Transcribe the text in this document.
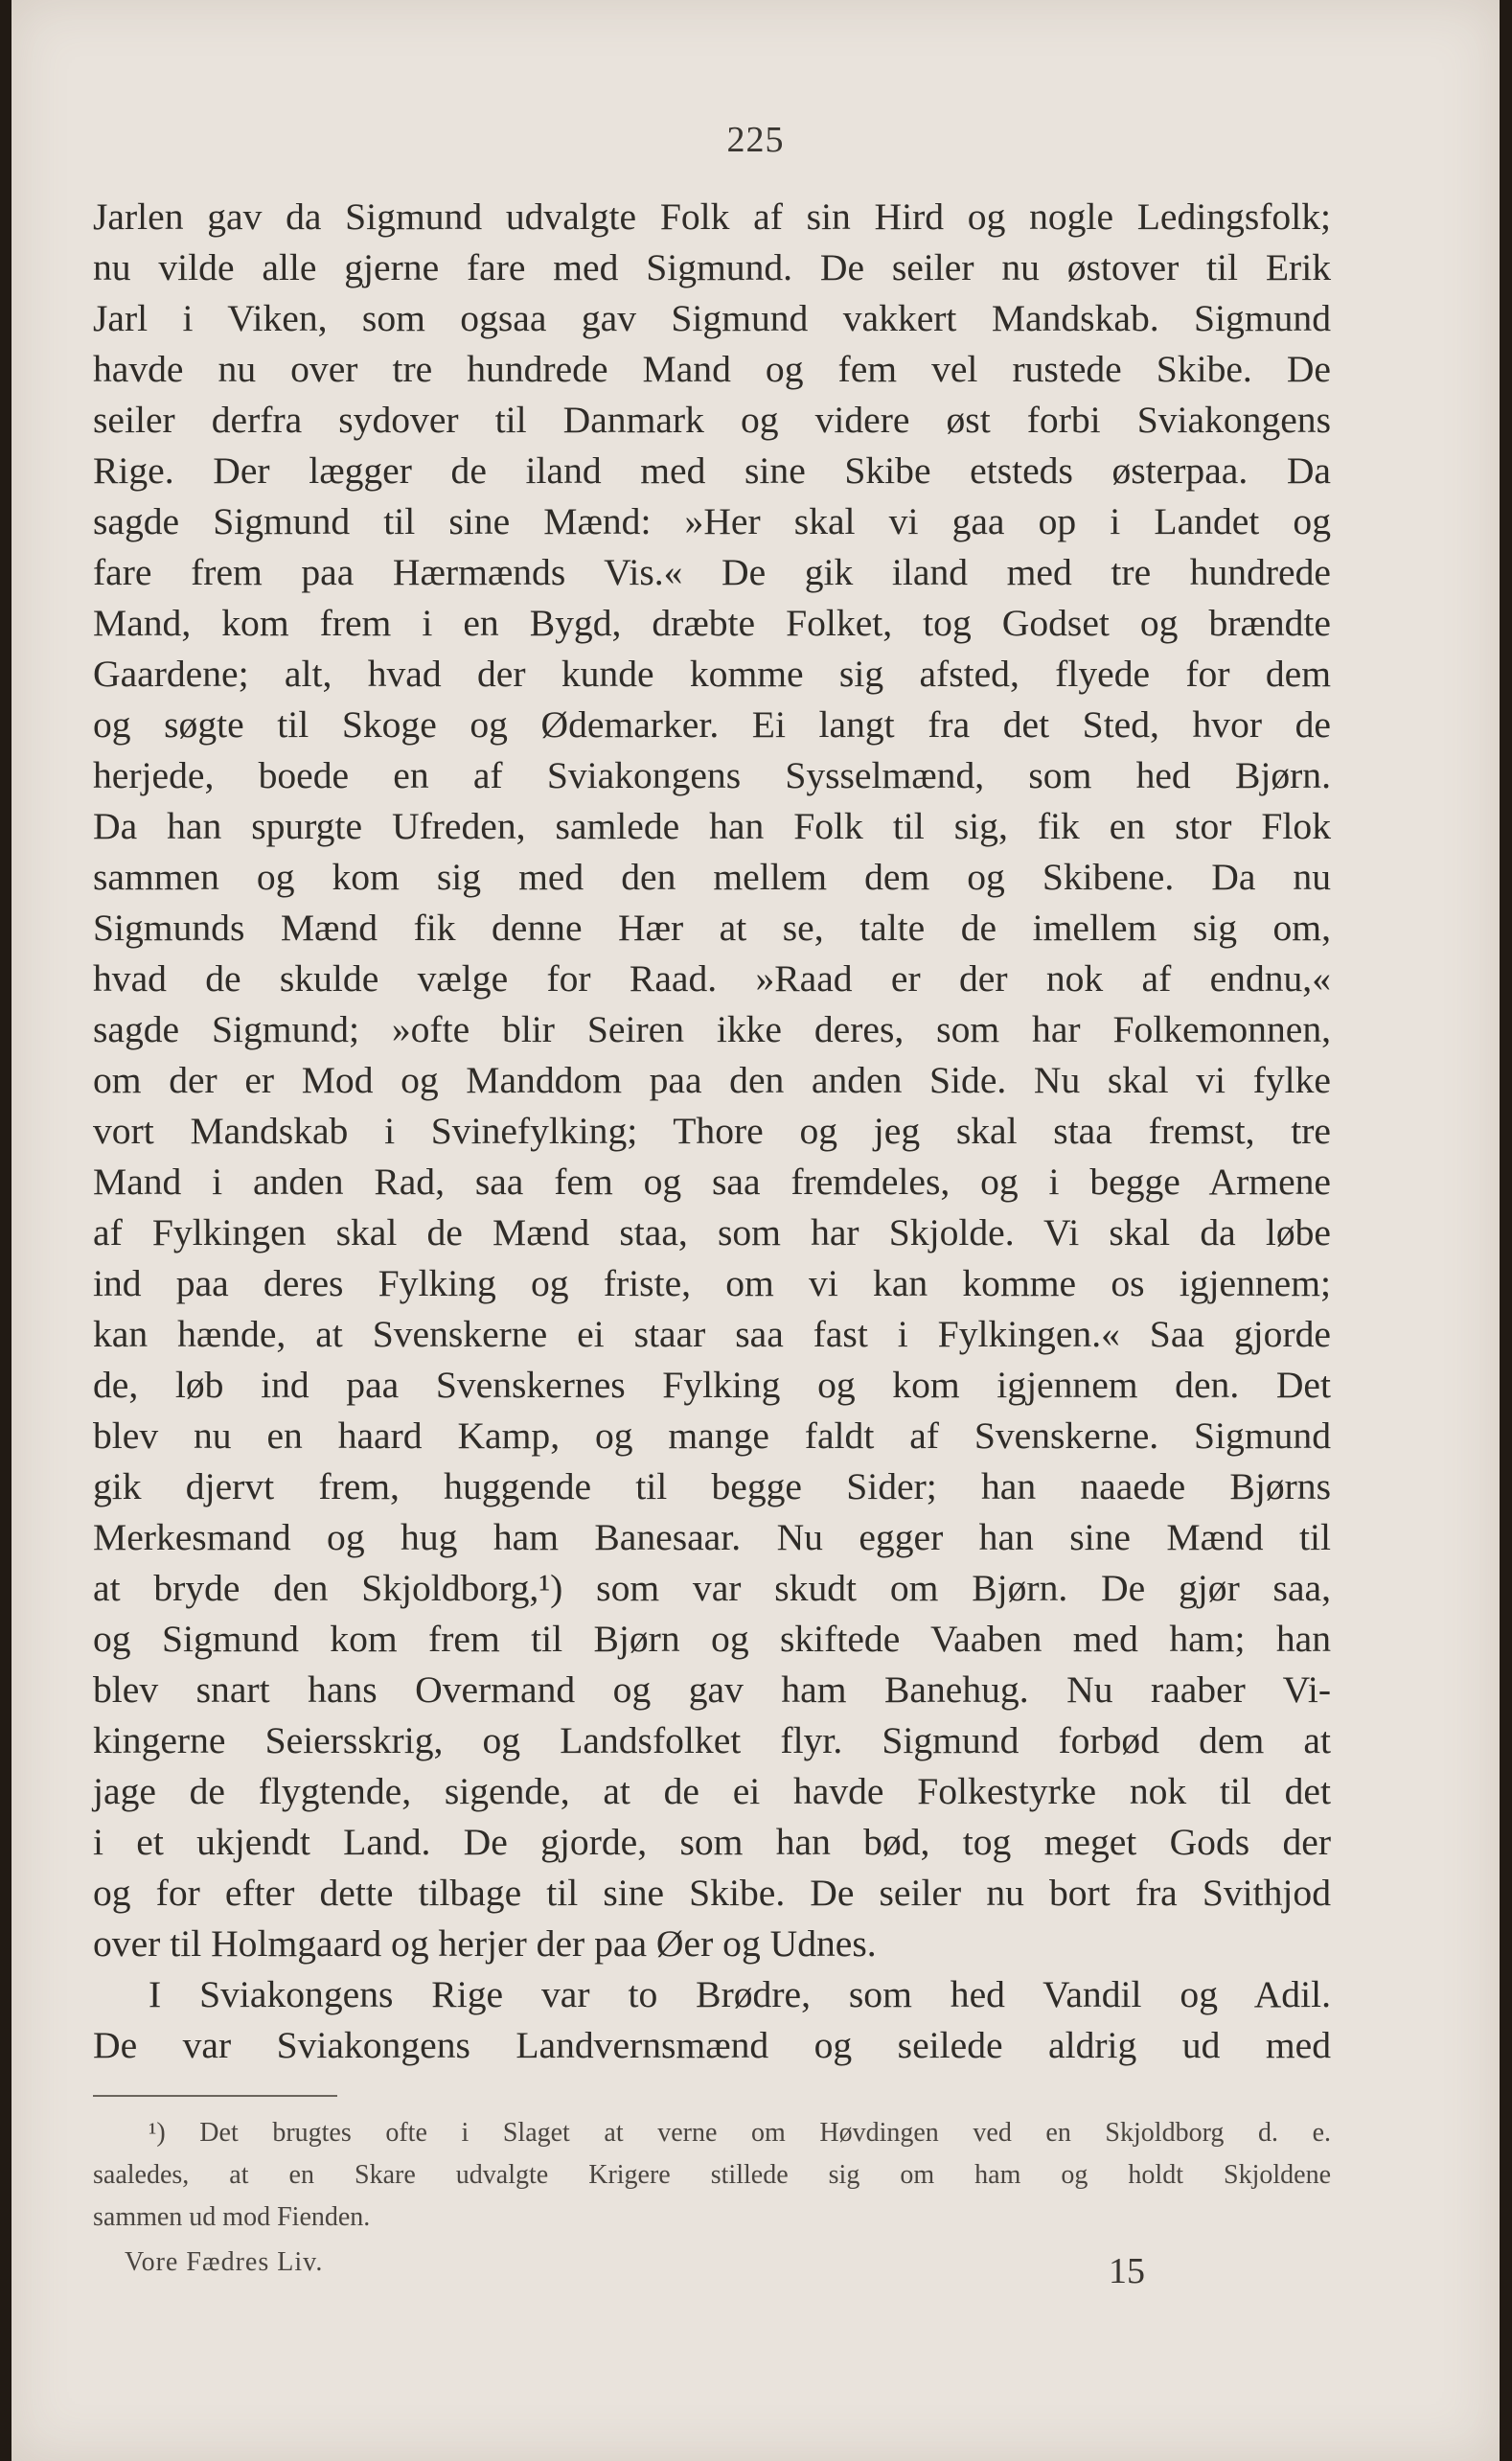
225
Jarlen gav da Sigmund udvalgte Folk af sin Hird og nogle Ledingsfolk;
nu vilde alle gjerne fare med Sigmund. De seiler nu østover til Erik
Jarl i Viken, som ogsaa gav Sigmund vakkert Mandskab. Sigmund
havde nu over tre hundrede Mand og fem vel rustede Skibe. De
seiler derfra sydover til Danmark og videre øst forbi Sviakongens
Rige. Der lægger de iland med sine Skibe etsteds østerpaa. Da
sagde Sigmund til sine Mænd: »Her skal vi gaa op i Landet og
fare frem paa Hærmænds Vis.« De gik iland med tre hundrede
Mand, kom frem i en Bygd, dræbte Folket, tog Godset og brændte
Gaardene; alt, hvad der kunde komme sig afsted, flyede for dem
og søgte til Skoge og Ødemarker. Ei langt fra det Sted, hvor de
herjede, boede en af Sviakongens Sysselmænd, som hed Bjørn.
Da han spurgte Ufreden, samlede han Folk til sig, fik en stor Flok
sammen og kom sig med den mellem dem og Skibene. Da nu
Sigmunds Mænd fik denne Hær at se, talte de imellem sig om,
hvad de skulde vælge for Raad. »Raad er der nok af endnu,«
sagde Sigmund; »ofte blir Seiren ikke deres, som har Folkemonnen,
om der er Mod og Manddom paa den anden Side. Nu skal vi fylke
vort Mandskab i Svinefylking; Thore og jeg skal staa fremst, tre
Mand i anden Rad, saa fem og saa fremdeles, og i begge Armene
af Fylkingen skal de Mænd staa, som har Skjolde. Vi skal da løbe
ind paa deres Fylking og friste, om vi kan komme os igjennem;
kan hænde, at Svenskerne ei staar saa fast i Fylkingen.« Saa gjorde
de, løb ind paa Svenskernes Fylking og kom igjennem den. Det
blev nu en haard Kamp, og mange faldt af Svenskerne. Sigmund
gik djervt frem, huggende til begge Sider; han naaede Bjørns
Merkesmand og hug ham Banesaar. Nu egger han sine Mænd til
at bryde den Skjoldborg,¹) som var skudt om Bjørn. De gjør saa,
og Sigmund kom frem til Bjørn og skiftede Vaaben med ham; han
blev snart hans Overmand og gav ham Banehug. Nu raaber Vi-
kingerne Seiersskrig, og Landsfolket flyr. Sigmund forbød dem at
jage de flygtende, sigende, at de ei havde Folkestyrke nok til det
i et ukjendt Land. De gjorde, som han bød, tog meget Gods der
og for efter dette tilbage til sine Skibe. De seiler nu bort fra Svithjod
over til Holmgaard og herjer der paa Øer og Udnes.
I Sviakongens Rige var to Brødre, som hed Vandil og Adil.
De var Sviakongens Landvernsmænd og seilede aldrig ud med
¹) Det brugtes ofte i Slaget at verne om Høvdingen ved en Skjoldborg d. e.
saaledes, at en Skare udvalgte Krigere stillede sig om ham og holdt Skjoldene
sammen ud mod Fienden.
Vore Fædres Liv.	15
